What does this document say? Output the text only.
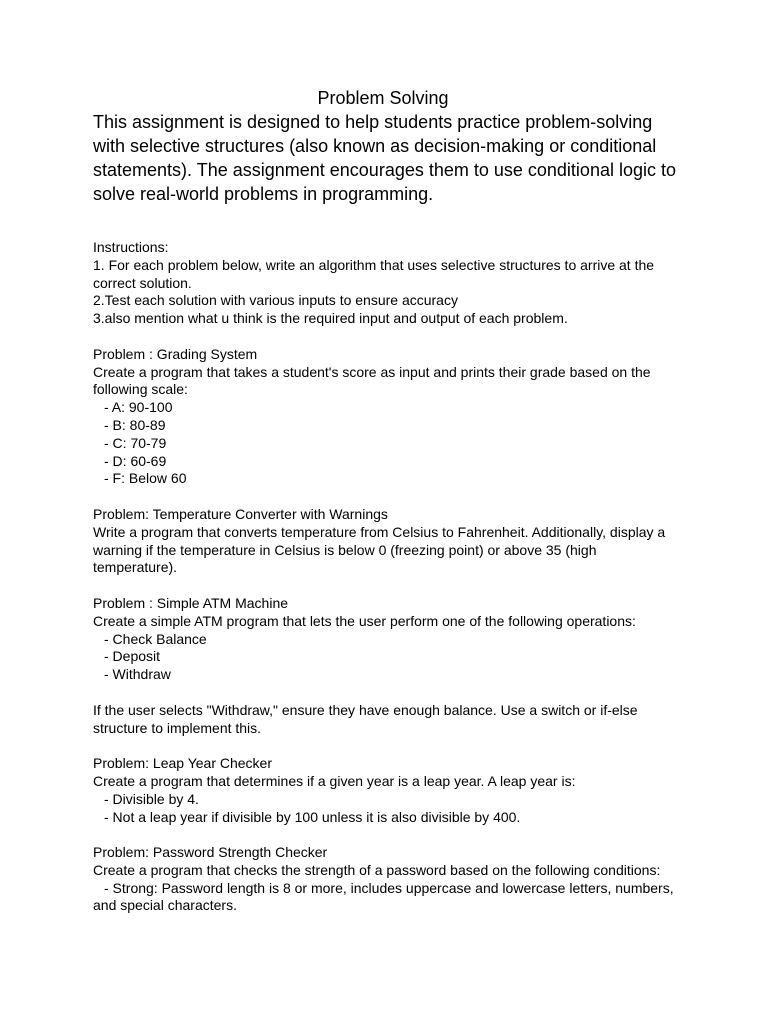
Problem Solving

This assignment is designed to help students practice problem-solving with selective structures (also known as decision-making or conditional statements). The assignment encourages them to use conditional logic to solve real-world problems in programming.

Instructions:
1. For each problem below, write an algorithm that uses selective structures to arrive at the correct solution.
2.Test each solution with various inputs to ensure accuracy
3.also mention what u think is the required input and output of each problem.
Problem : Grading System
Create a program that takes a student's score as input and prints their grade based on the following scale:
- A: 90-100
- B: 80-89
- C: 70-79
- D: 60-69
- F: Below 60
Problem: Temperature Converter with Warnings
Write a program that converts temperature from Celsius to Fahrenheit. Additionally, display a warning if the temperature in Celsius is below 0 (freezing point) or above 35 (high temperature).
Problem : Simple ATM Machine
Create a simple ATM program that lets the user perform one of the following operations:
- Check Balance
- Deposit
- Withdraw
If the user selects "Withdraw," ensure they have enough balance. Use a switch or if-else structure to implement this.
Problem: Leap Year Checker
Create a program that determines if a given year is a leap year. A leap year is:
- Divisible by 4.
- Not a leap year if divisible by 100 unless it is also divisible by 400.
Problem: Password Strength Checker
Create a program that checks the strength of a password based on the following conditions:
- Strong: Password length is 8 or more, includes uppercase and lowercase letters, numbers, and special characters.
